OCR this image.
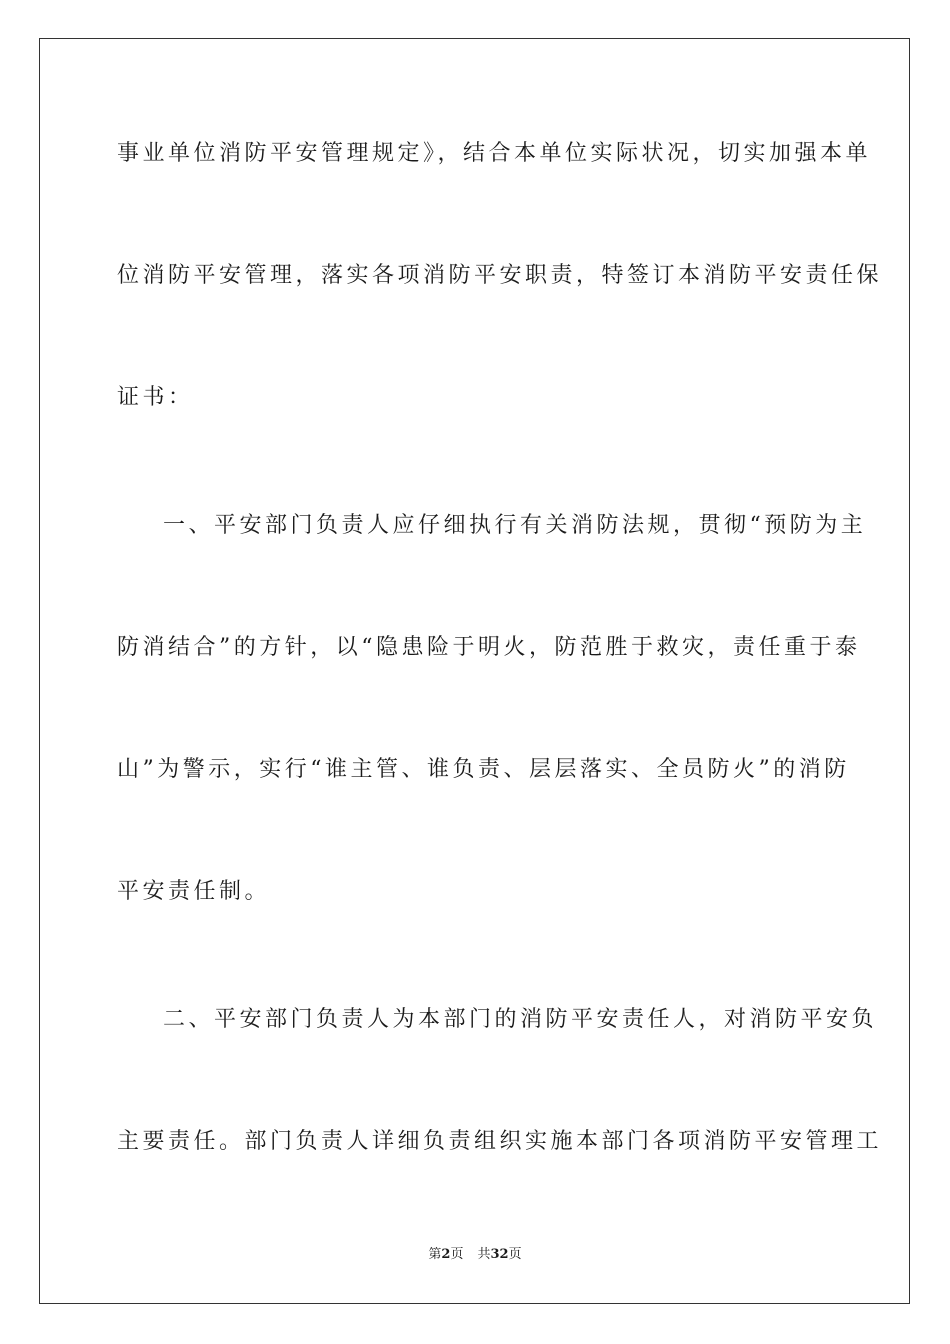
事业单位消防平安管理规定》，结合本单位实际状况，切实加强本单
位消防平安管理，落实各项消防平安职责，特签订本消防平安责任保
证书：
一、平安部门负责人应仔细执行有关消防法规，贯彻“预防为主
防消结合”的方针，以“隐患险于明火，防范胜于救灾，责任重于泰
山”为警示，实行“谁主管、谁负责、层层落实、全员防火”的消防
平安责任制。
二、平安部门负责人为本部门的消防平安责任人，对消防平安负
主要责任。部门负责人详细负责组织实施本部门各项消防平安管理工
第2页 共32页
